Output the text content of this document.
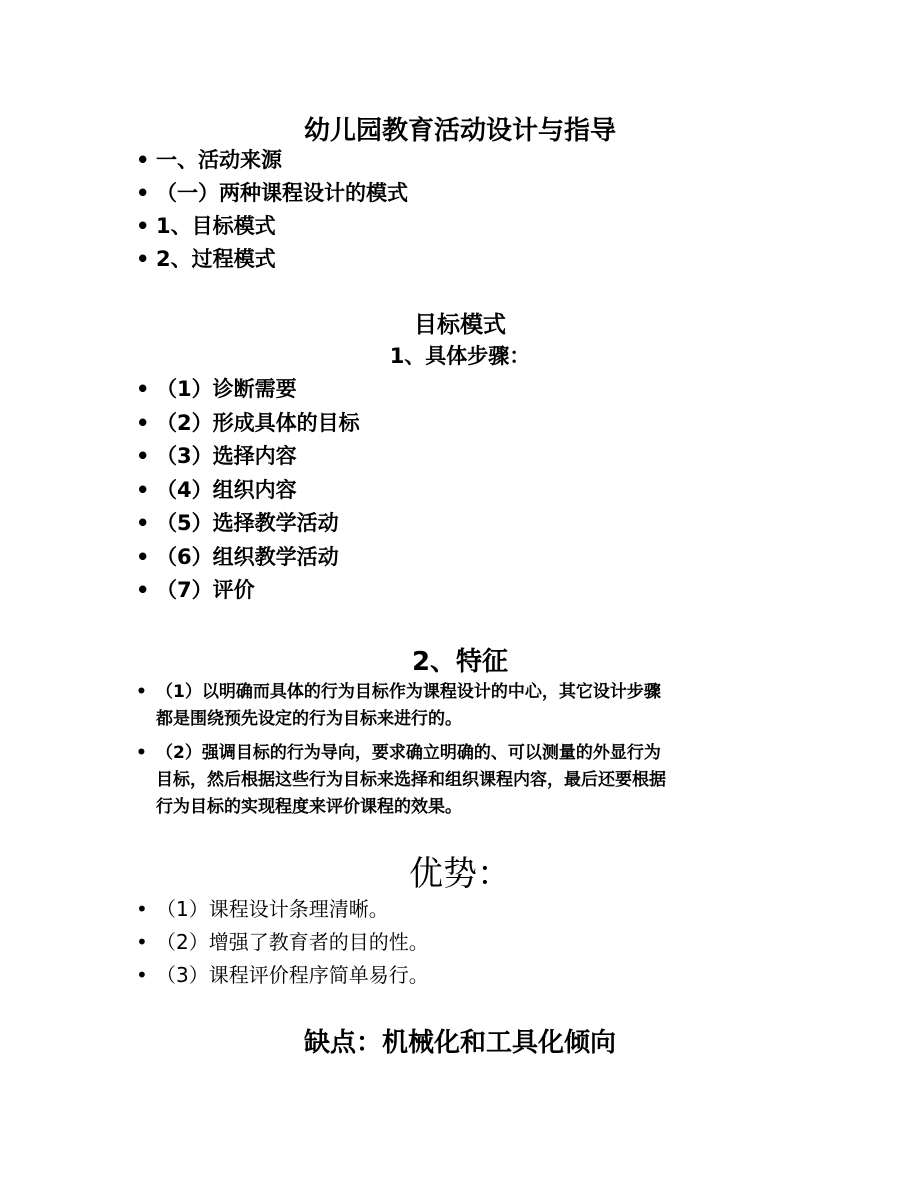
幼儿园教育活动设计与指导
• 一、活动来源
• （一）两种课程设计的模式
• 1、目标模式
• 2、过程模式
目标模式
1、具体步骤：
• （1）诊断需要
• （2）形成具体的目标
• （3）选择内容
• （4）组织内容
• （5）选择教学活动
• （6）组织教学活动
• （7）评价
2、特征
• （1）以明确而具体的行为目标作为课程设计的中心，其它设计步骤
都是围绕预先设定的行为目标来进行的。
• （2）强调目标的行为导向，要求确立明确的、可以测量的外显行为
目标，然后根据这些行为目标来选择和组织课程内容，最后还要根据
行为目标的实现程度来评价课程的效果。
优势：
• （1）课程设计条理清晰。
• （2）增强了教育者的目的性。
• （3）课程评价程序简单易行。
缺点：机械化和工具化倾向
